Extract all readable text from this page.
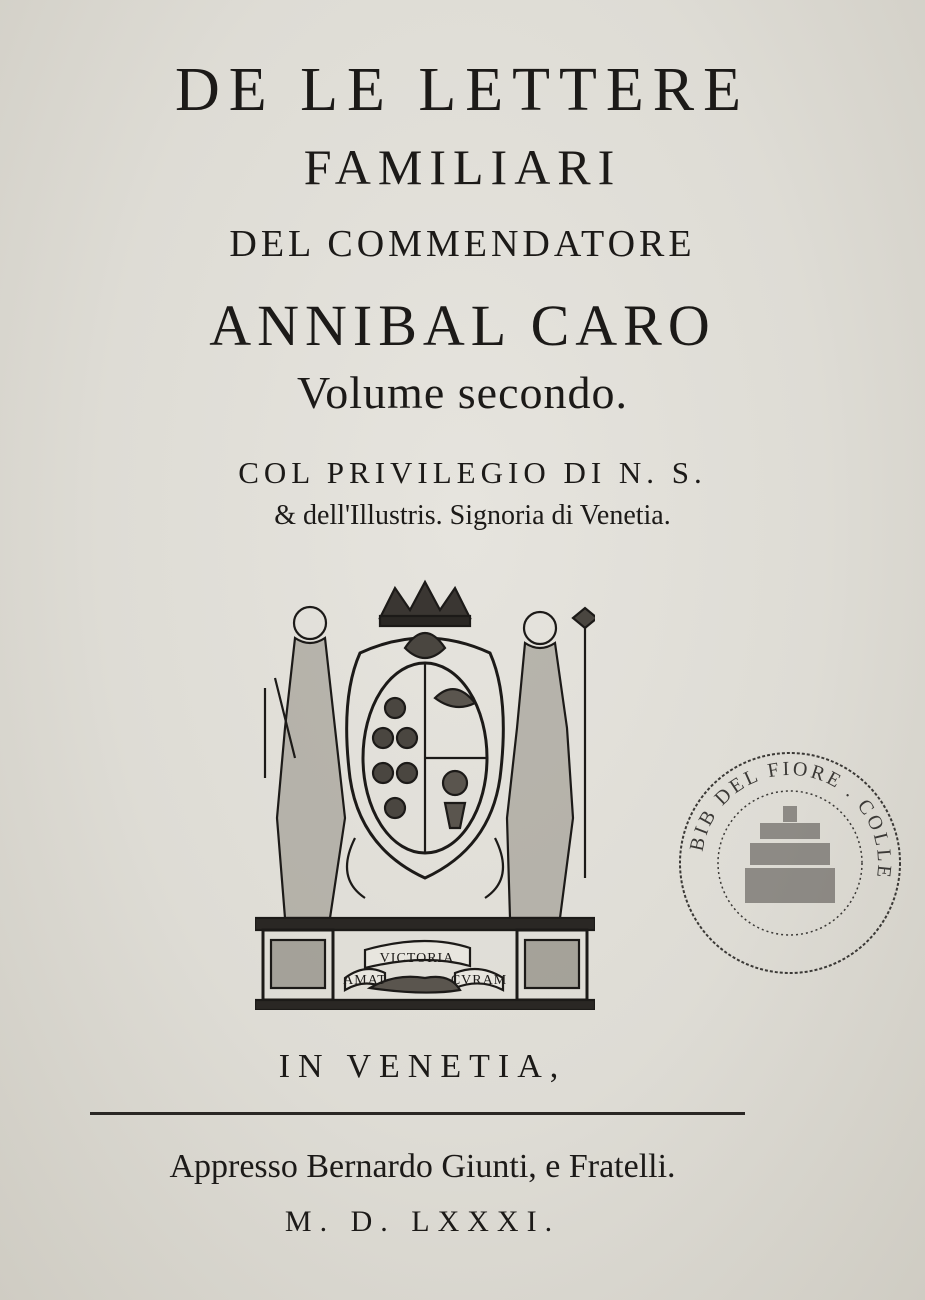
DE LE LETTERE
FAMILIARI
DEL COMMENDATORE
ANNIBAL CARO
Volume secondo.
COL PRIVILEGIO DI N. S.
& dell'Illustris. Signoria di Venetia.
VICTORIA
AMAT	CVRAM
BIB DEL FIORE . COLLE
IN VENETIA,
Appresso Bernardo Giunti, e Fratelli.
M. D. LXXXI.
